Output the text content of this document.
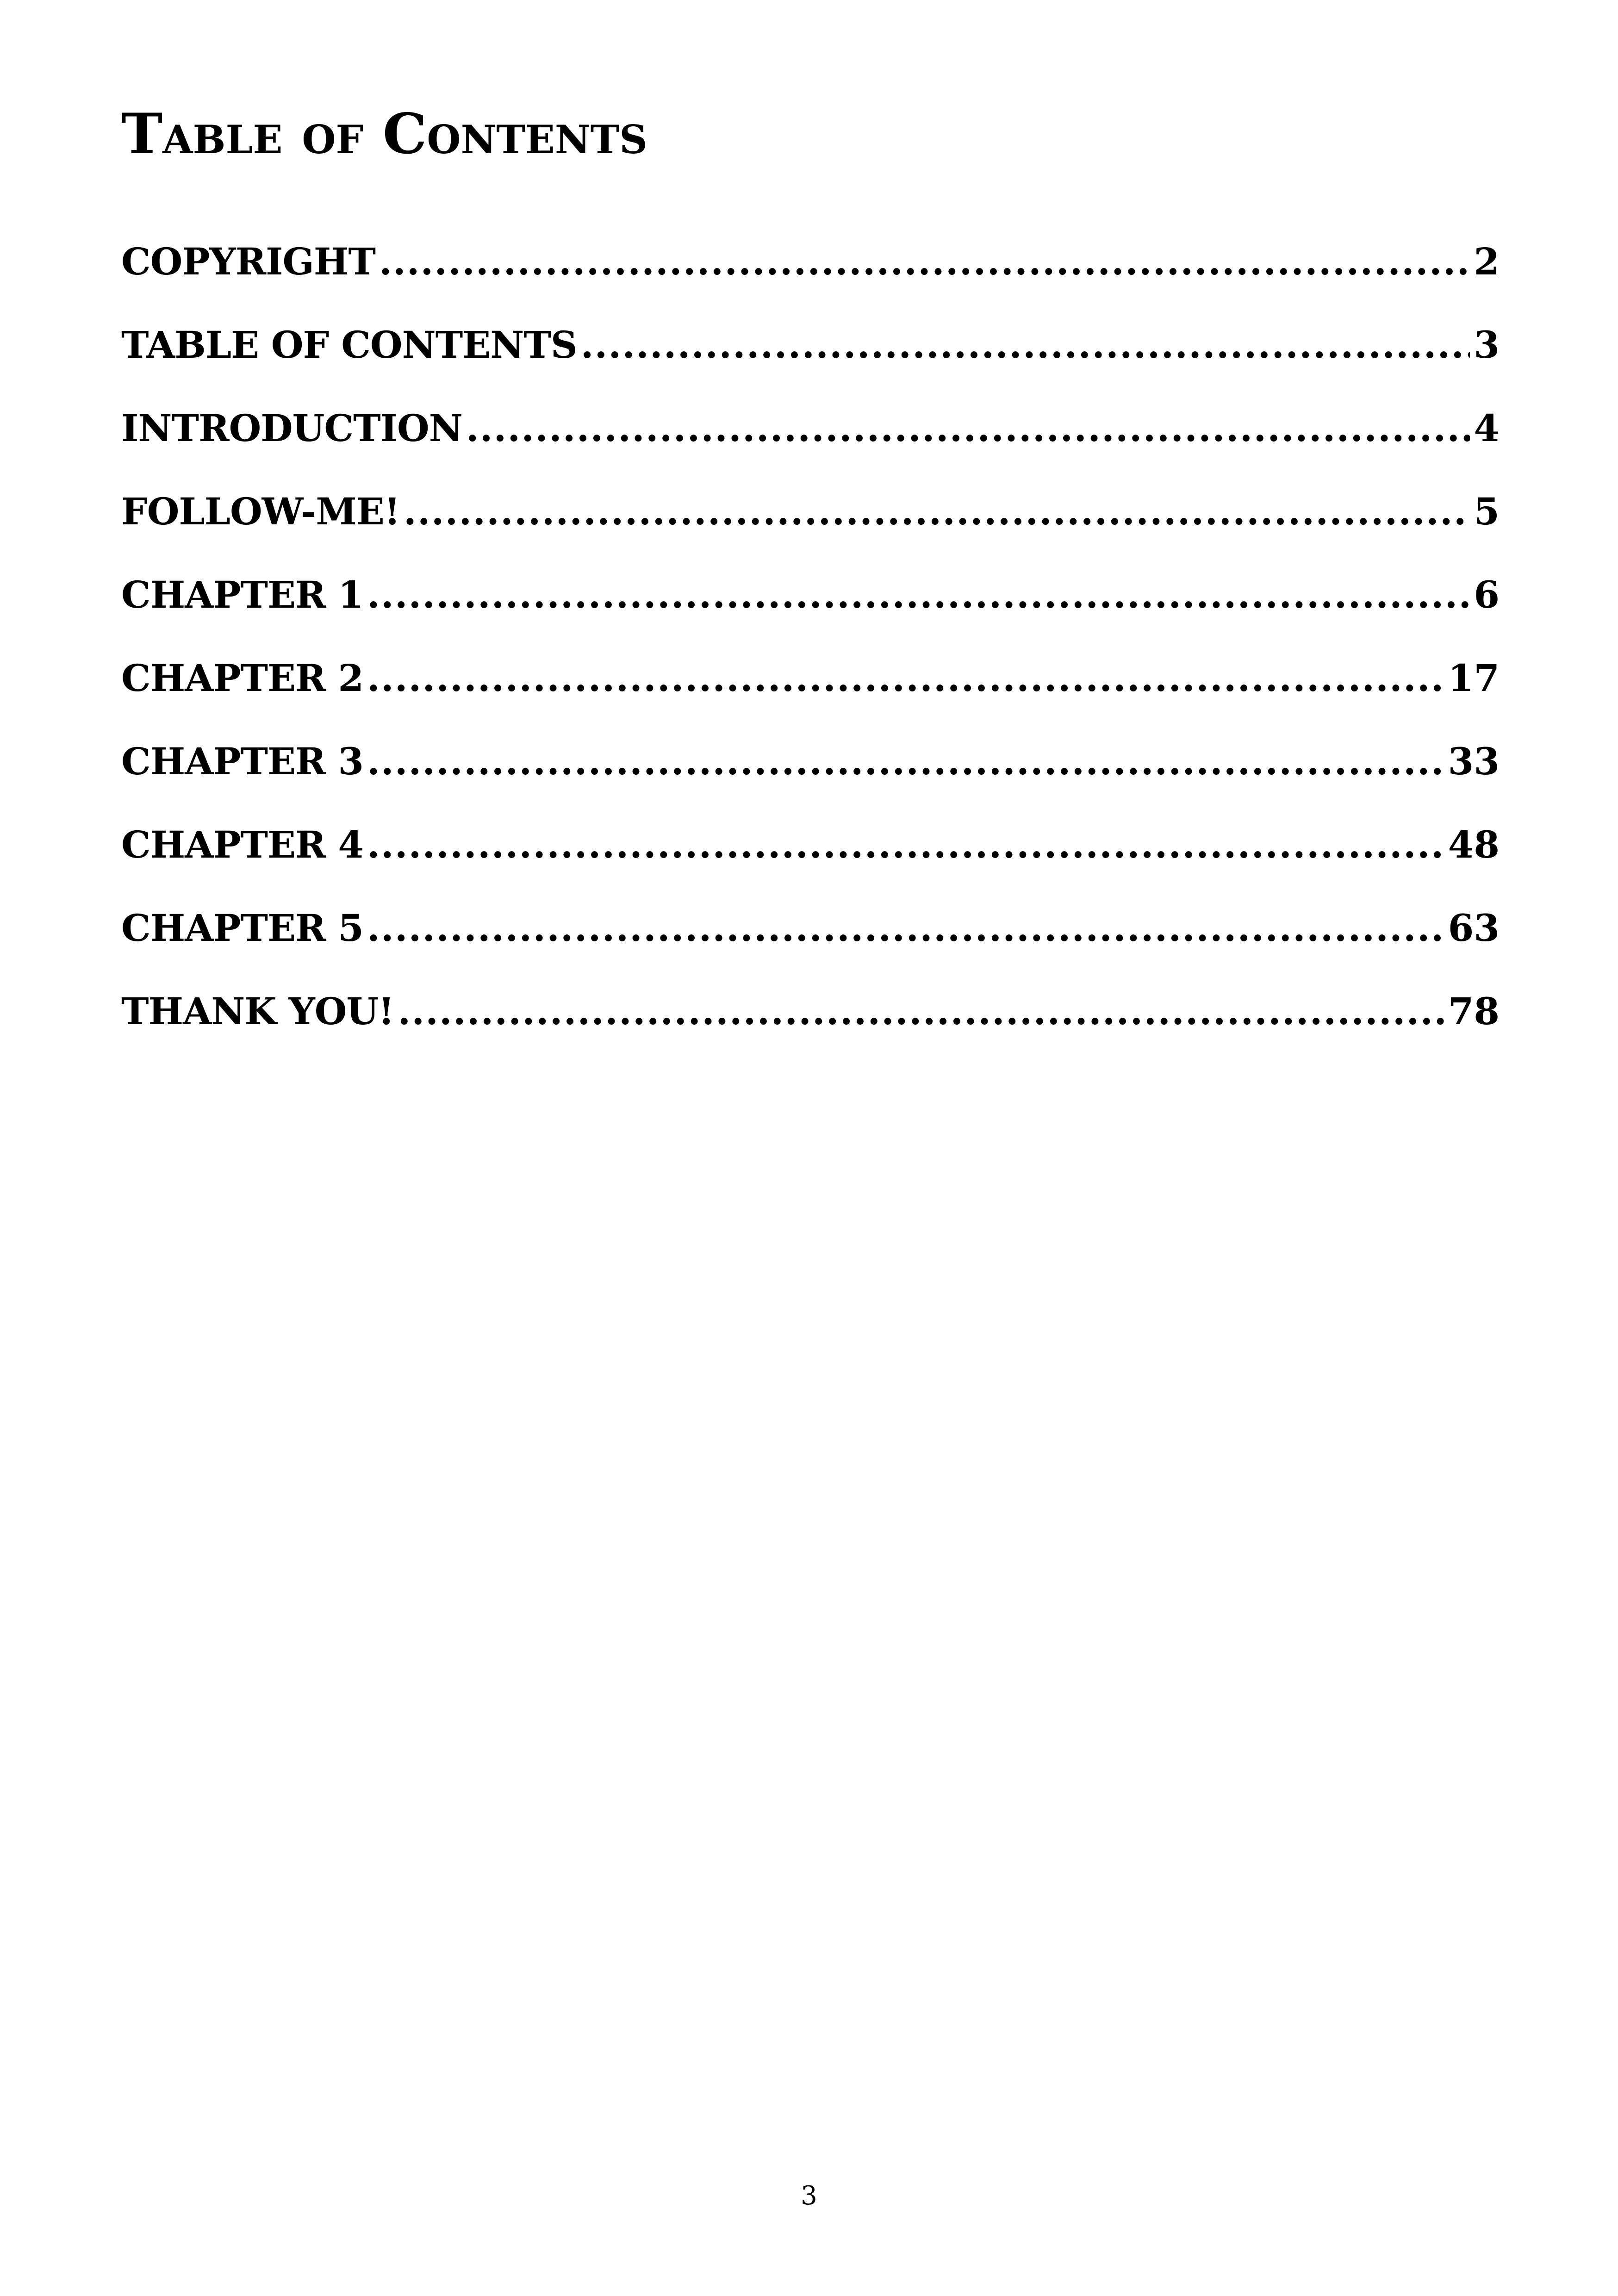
Table of Contents
COPYRIGHT .....	2
TABLE OF CONTENTS .....	3
INTRODUCTION .....	4
FOLLOW-ME! .....	5
CHAPTER 1 .....	6
CHAPTER 2 .....	17
CHAPTER 3 .....	33
CHAPTER 4 .....	48
CHAPTER 5 .....	63
THANK YOU! .....	78

3
